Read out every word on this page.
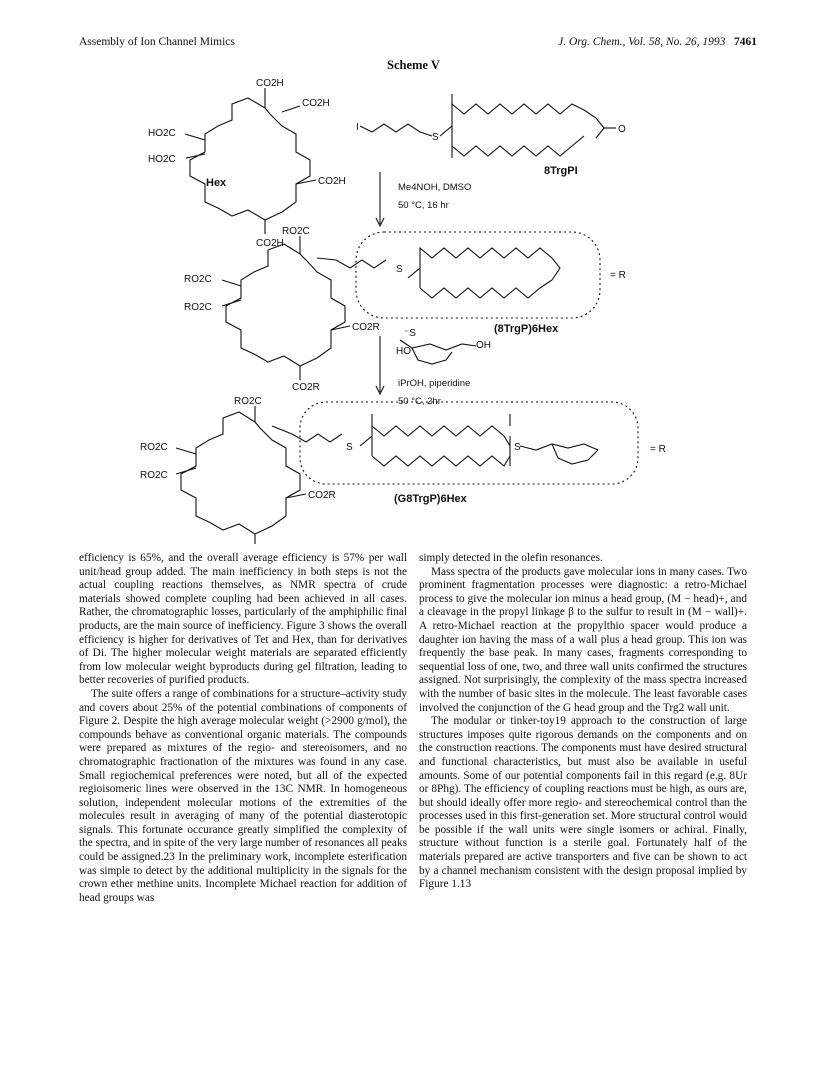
Assembly of Ion Channel Mimics	J. Org. Chem., Vol. 58, No. 26, 1993 7461
Scheme V
CO2H
CO2H
HO2C
HO2C
CO2H
CO2H
Hex
I
S
O
8TrgPI
Me4NOH, DMSO
50 °C, 16 hr
RO2C
RO2C
RO2C
CO2R
CO2R
S
= R
(8TrgP)6Hex
⁻S
HO
OH
iPrOH, piperidine
50 °C, 2hr
RO2C
RO2C
RO2C
CO2R
S	S	= R
(G8TrgP)6Hex

efficiency is 65%, and the overall average efficiency is 57% per wall unit/head group added. The main inefficiency in both steps is not the actual coupling reactions themselves, as NMR spectra of crude materials showed complete coupling had been achieved in all cases. Rather, the chromatographic losses, particularly of the amphiphilic final products, are the main source of inefficiency. Figure 3 shows the overall efficiency is higher for derivatives of Tet and Hex, than for derivatives of Di. The higher molecular weight materials are separated efficiently from low molecular weight byproducts during gel filtration, leading to better recoveries of purified products.

The suite offers a range of combinations for a structure–activity study and covers about 25% of the potential combinations of components of Figure 2. Despite the high average molecular weight (>2900 g/mol), the compounds behave as conventional organic materials. The compounds were prepared as mixtures of the regio- and stereoisomers, and no chromatographic fractionation of the mixtures was found in any case. Small regiochemical preferences were noted, but all of the expected regioisomeric lines were observed in the 13C NMR. In homogeneous solution, independent molecular motions of the extremities of the molecules result in averaging of many of the potential diasterotopic signals. This fortunate occurance greatly simplified the complexity of the spectra, and in spite of the very large number of resonances all peaks could be assigned.23 In the preliminary work, incomplete esterification was simple to detect by the additional multiplicity in the signals for the crown ether methine units. Incomplete Michael reaction for addition of head groups was

simply detected in the olefin resonances.

Mass spectra of the products gave molecular ions in many cases. Two prominent fragmentation processes were diagnostic: a retro-Michael process to give the molecular ion minus a head group, (M − head)+, and a cleavage in the propyl linkage β to the sulfur to result in (M − wall)+. A retro-Michael reaction at the propylthio spacer would produce a daughter ion having the mass of a wall plus a head group. This ion was frequently the base peak. In many cases, fragments corresponding to sequential loss of one, two, and three wall units confirmed the structures assigned. Not surprisingly, the complexity of the mass spectra increased with the number of basic sites in the molecule. The least favorable cases involved the conjunction of the G head group and the Trg2 wall unit.

The modular or tinker-toy19 approach to the construction of large structures imposes quite rigorous demands on the components and on the construction reactions. The components must have desired structural and functional characteristics, but must also be available in useful amounts. Some of our potential components fail in this regard (e.g. 8Ur or 8Phg). The efficiency of coupling reactions must be high, as ours are, but should ideally offer more regio- and stereochemical control than the processes used in this first-generation set. More structural control would be possible if the wall units were single isomers or achiral. Finally, structure without function is a sterile goal. Fortunately half of the materials prepared are active transporters and five can be shown to act by a channel mechanism consistent with the design proposal implied by Figure 1.13
